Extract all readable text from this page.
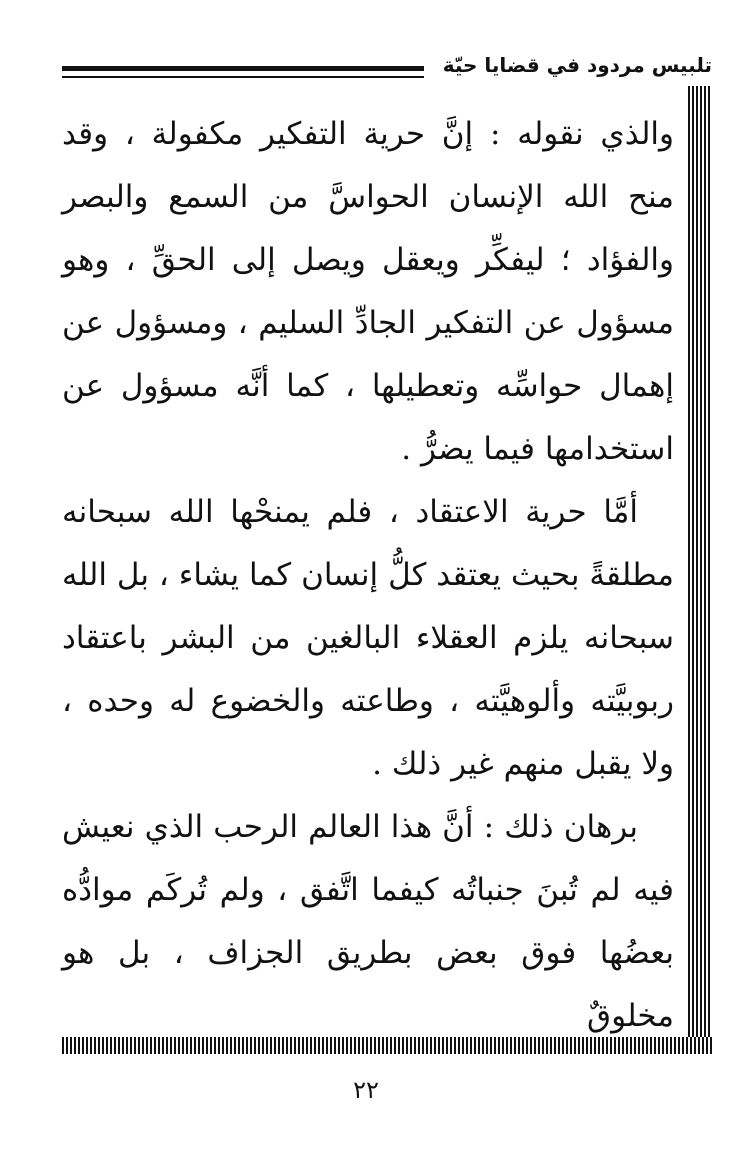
تلبيس مردود في قضايا حيّة

والذي نقوله : إنَّ حرية التفكير مكفولة ، وقد منح الله الإنسان الحواسَّ من السمع والبصر والفؤاد ؛ ليفكِّر ويعقل ويصل إلى الحقِّ ، وهو مسؤول عن التفكير الجادِّ السليم ، ومسؤول عن إهمال حواسِّه وتعطيلها ، كما أنَّه مسؤول عن استخدامها فيما يضرُّ .

أمَّا حرية الاعتقاد ، فلم يمنحْها الله سبحانه مطلقةً بحيث يعتقد كلُّ إنسان كما يشاء ، بل الله سبحانه يلزم العقلاء البالغين من البشر باعتقاد ربوبيَّته وألوهيَّته ، وطاعته والخضوع له وحده ، ولا يقبل منهم غير ذلك .

برهان ذلك : أنَّ هذا العالم الرحب الذي نعيش فيه لم تُبنَ جنباتُه كيفما اتَّفق ، ولم تُركَم موادُّه بعضُها فوق بعض بطريق الجزاف ، بل هو مخلوقٌ

٢٢
